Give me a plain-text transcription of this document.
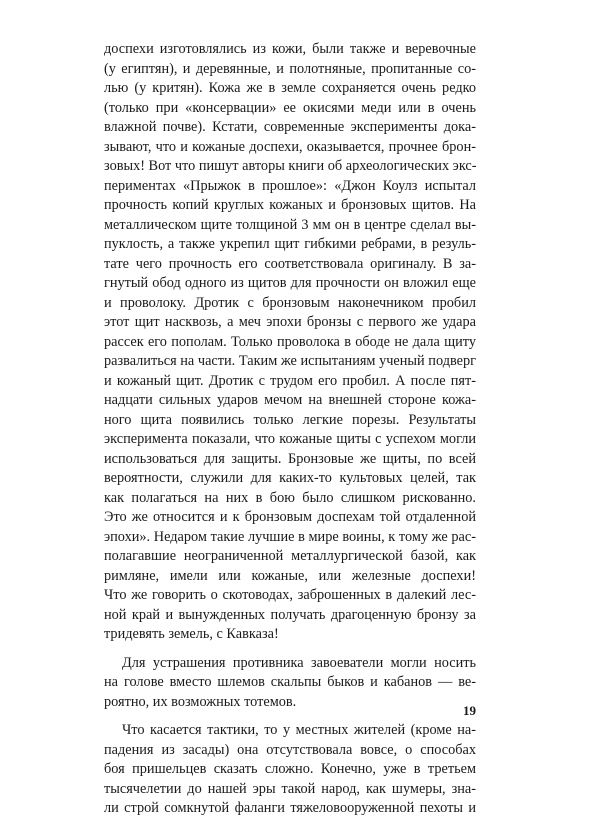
доспехи изготовлялись из кожи, были также и веревочные
(у египтян), и деревянные, и полотняные, пропитанные со-
лью (у критян). Кожа же в земле сохраняется очень редко
(только при «консервации» ее окисями меди или в очень
влажной почве). Кстати, современные эксперименты дока-
зывают, что и кожаные доспехи, оказывается, прочнее брон-
зовых! Вот что пишут авторы книги об археологических экс-
периментах «Прыжок в прошлое»: «Джон Коулз испытал
прочность копий круглых кожаных и бронзовых щитов. На
металлическом щите толщиной 3 мм он в центре сделал вы-
пуклость, а также укрепил щит гибкими ребрами, в резуль-
тате чего прочность его соответствовала оригиналу. В за-
гнутый обод одного из щитов для прочности он вложил еще
и проволоку. Дротик с бронзовым наконечником пробил
этот щит насквозь, а меч эпохи бронзы с первого же удара
рассек его пополам. Только проволока в ободе не дала щиту
развалиться на части. Таким же испытаниям ученый подверг
и кожаный щит. Дротик с трудом его пробил. А после пят-
надцати сильных ударов мечом на внешней стороне кожа-
ного щита появились только легкие порезы. Результаты
эксперимента показали, что кожаные щиты с успехом могли
использоваться для защиты. Бронзовые же щиты, по всей
вероятности, служили для каких-то культовых целей, так
как полагаться на них в бою было слишком рискованно.
Это же относится и к бронзовым доспехам той отдаленной
эпохи». Недаром такие лучшие в мире воины, к тому же рас-
полагавшие неограниченной металлургической базой, как
римляне, имели или кожаные, или железные доспехи!
Что же говорить о скотоводах, заброшенных в далекий лес-
ной край и вынужденных получать драгоценную бронзу за
тридевять земель, с Кавказа!
Для устрашения противника завоеватели могли носить
на голове вместо шлемов скальпы быков и кабанов — ве-
роятно, их возможных тотемов.
Что касается тактики, то у местных жителей (кроме на-
падения из засады) она отсутствовала вовсе, о способах
боя пришельцев сказать сложно. Конечно, уже в третьем
тысячелетии до нашей эры такой народ, как шумеры, зна-
ли строй сомкнутой фаланги тяжеловооруженной пехоты и
19
